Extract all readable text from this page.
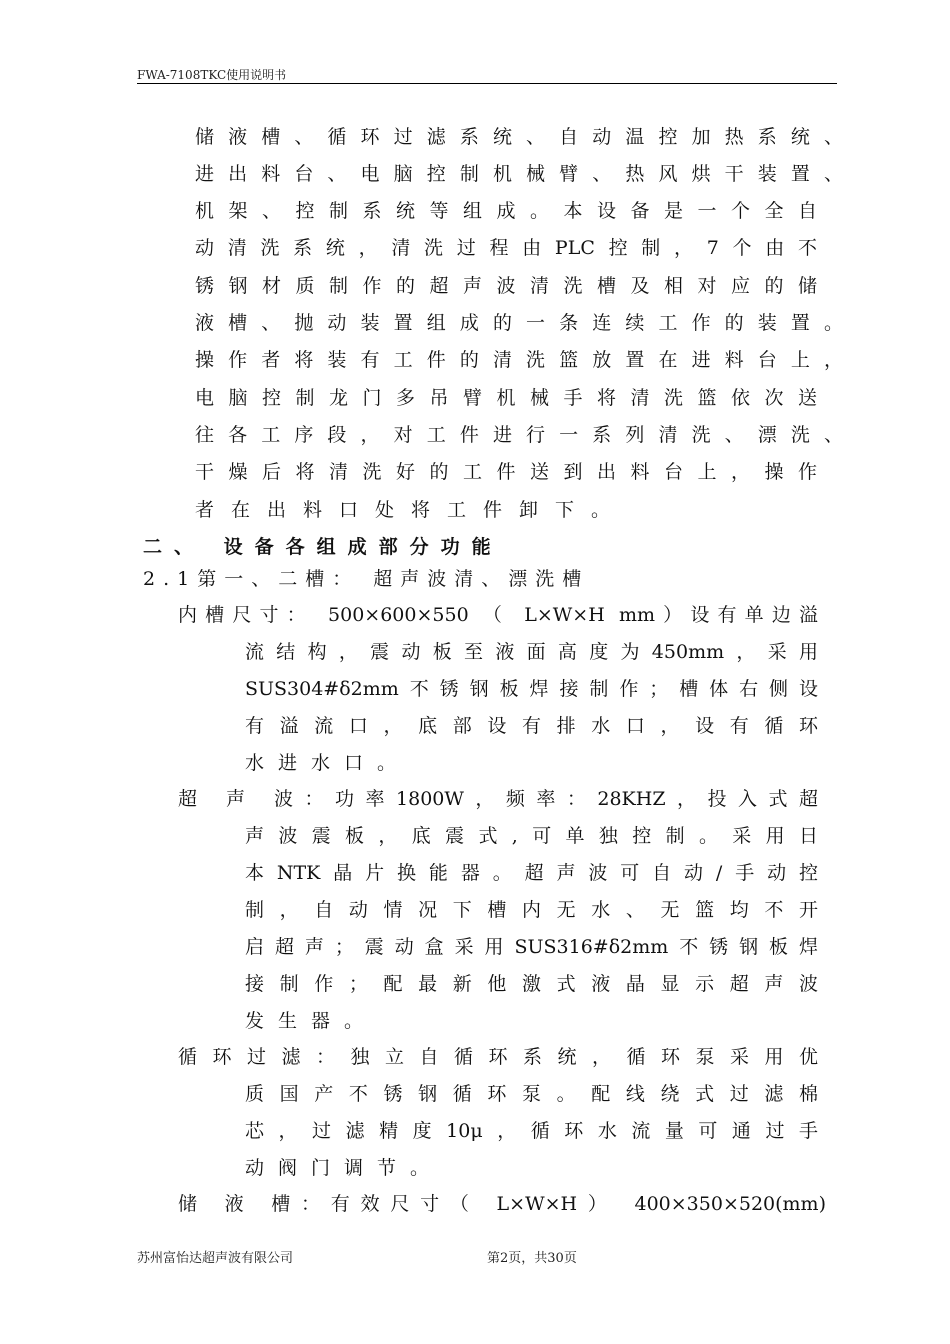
FWA-7108TKC使用说明书
储液槽、循环过滤系统、自动温控加热系统、
进出料台、电脑控制机械臂、热风烘干装置、
机架、控制系统等组成。本设备是一个全自
动清洗系统，清洗过程由PLC控制，7个由不
锈钢材质制作的超声波清洗槽及相对应的储
液槽、抛动装置组成的一条连续工作的装置。
操作者将装有工件的清洗篮放置在进料台上，
电脑控制龙门多吊臂机械手将清洗篮依次送
往各工序段，对工件进行一系列清洗、漂洗、
干燥后将清洗好的工件送到出料台上，操作
者在出料口处将工件卸下。
二、 设备各组成部分功能
2.1第一、二槽： 超声波清、漂洗槽
内槽尺寸： 500×600×550 （ L×W×H mm）设有单边溢
流结构，震动板至液面高度为450mm，采用
SUS304#δ2mm不锈钢板焊接制作；槽体右侧设
有溢流口，底部设有排水口，设有循环
水进水口。
超 声 波：功率1800W，频率：28KHZ，投入式超
声波震板，底震式,可单独控制。采用日
本NTK晶片换能器。超声波可自动/手动控
制，自动情况下槽内无水、无篮均不开
启超声；震动盒采用SUS316#δ2mm不锈钢板焊
接制作；配最新他激式液晶显示超声波
发生器。
循环过滤：独立自循环系统，循环泵采用优
质国产不锈钢循环泵。配线绕式过滤棉
芯，过滤精度10μ，循环水流量可通过手
动阀门调节。
储 液 槽：有效尺寸（ L×W×H） 400×350×520(mm)
苏州富怡达超声波有限公司	第2页，共30页
